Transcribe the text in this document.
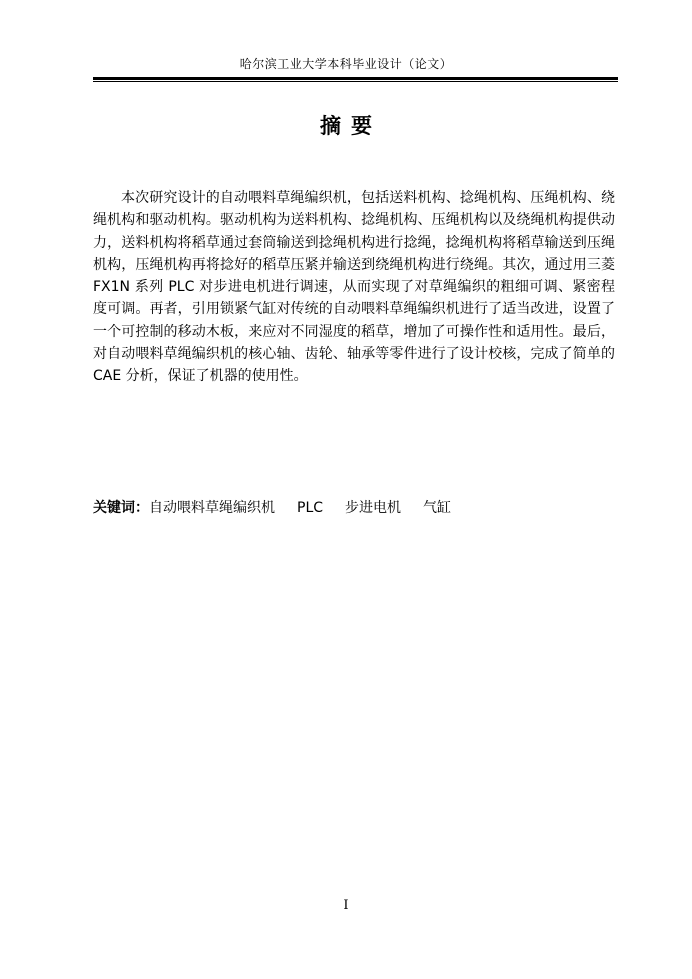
哈尔滨工业大学本科毕业设计（论文）
摘要

本次研究设计的自动喂料草绳编织机，包括送料机构、捻绳机构、压绳机构、绕绳机构和驱动机构。驱动机构为送料机构、捻绳机构、压绳机构以及绕绳机构提供动力，送料机构将稻草通过套筒输送到捻绳机构进行捻绳，捻绳机构将稻草输送到压绳机构，压绳机构再将捻好的稻草压紧并输送到绕绳机构进行绕绳。其次，通过用三菱 FX1N 系列 PLC 对步进电机进行调速，从而实现了对草绳编织的粗细可调、紧密程度可调。再者，引用锁紧气缸对传统的自动喂料草绳编织机进行了适当改进，设置了一个可控制的移动木板，来应对不同湿度的稻草，增加了可操作性和适用性。最后，对自动喂料草绳编织机的核心轴、齿轮、轴承等零件进行了设计校核，完成了简单的 CAE 分析，保证了机器的使用性。

关键词：自动喂料草绳编织机 PLC 步进电机 气缸
I
